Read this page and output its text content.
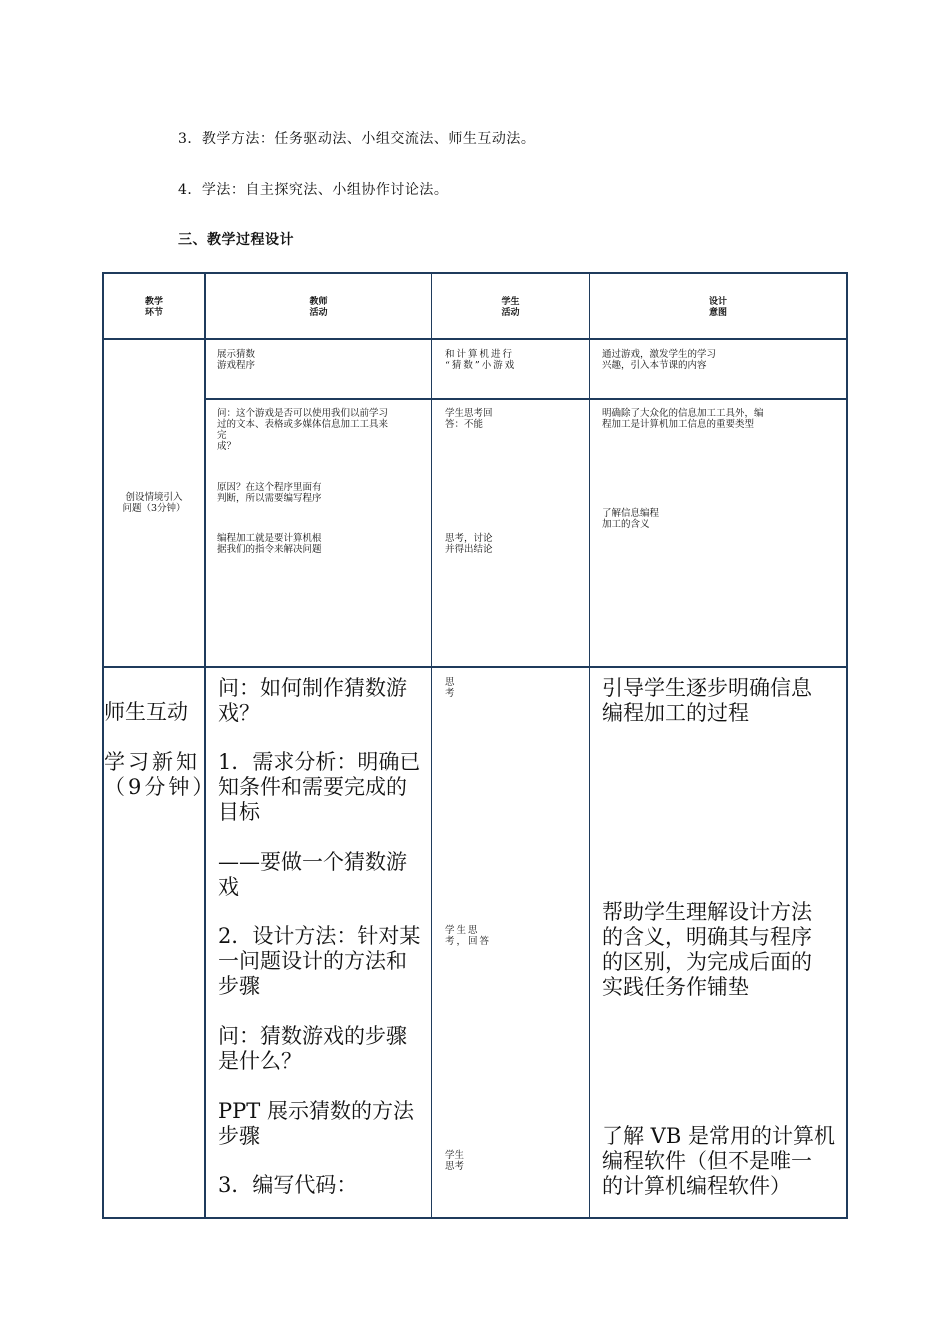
3．教学方法：任务驱动法、小组交流法、师生互动法。
4．学法：自主探究法、小组协作讨论法。
三、教学过程设计
教学
环节
教师
活动
学生
活动
设计
意图
创设情境引入
问题（3分钟）
展示猜数
游戏程序
和计算机进行
“猜数”小游戏
通过游戏，激发学生的学习
兴趣，引入本节课的内容
问：这个游戏是否可以使用我们以前学习
过的文本、表格或多媒体信息加工工具来
完
成？
原因？在这个程序里面有
判断，所以需要编写程序
编程加工就是要计算机根
据我们的指令来解决问题
学生思考回
答：不能
思考，讨论
并得出结论
明确除了大众化的信息加工工具外，编
程加工是计算机加工信息的重要类型
了解信息编程
加工的含义
师生互动
学习新知
（9分钟）
问：如何制作猜数游
戏？
1．需求分析：明确已
知条件和需要完成的
目标
——要做一个猜数游
戏
2．设计方法：针对某
一问题设计的方法和
步骤
问：猜数游戏的步骤
是什么？
PPT 展示猜数的方法
步骤
3．编写代码：
思
考
学生思
考，回答
学生
思考
引导学生逐步明确信息
编程加工的过程
帮助学生理解设计方法
的含义，明确其与程序
的区别，为完成后面的
实践任务作铺垫
了解 VB 是常用的计算机
编程软件（但不是唯一
的计算机编程软件）
